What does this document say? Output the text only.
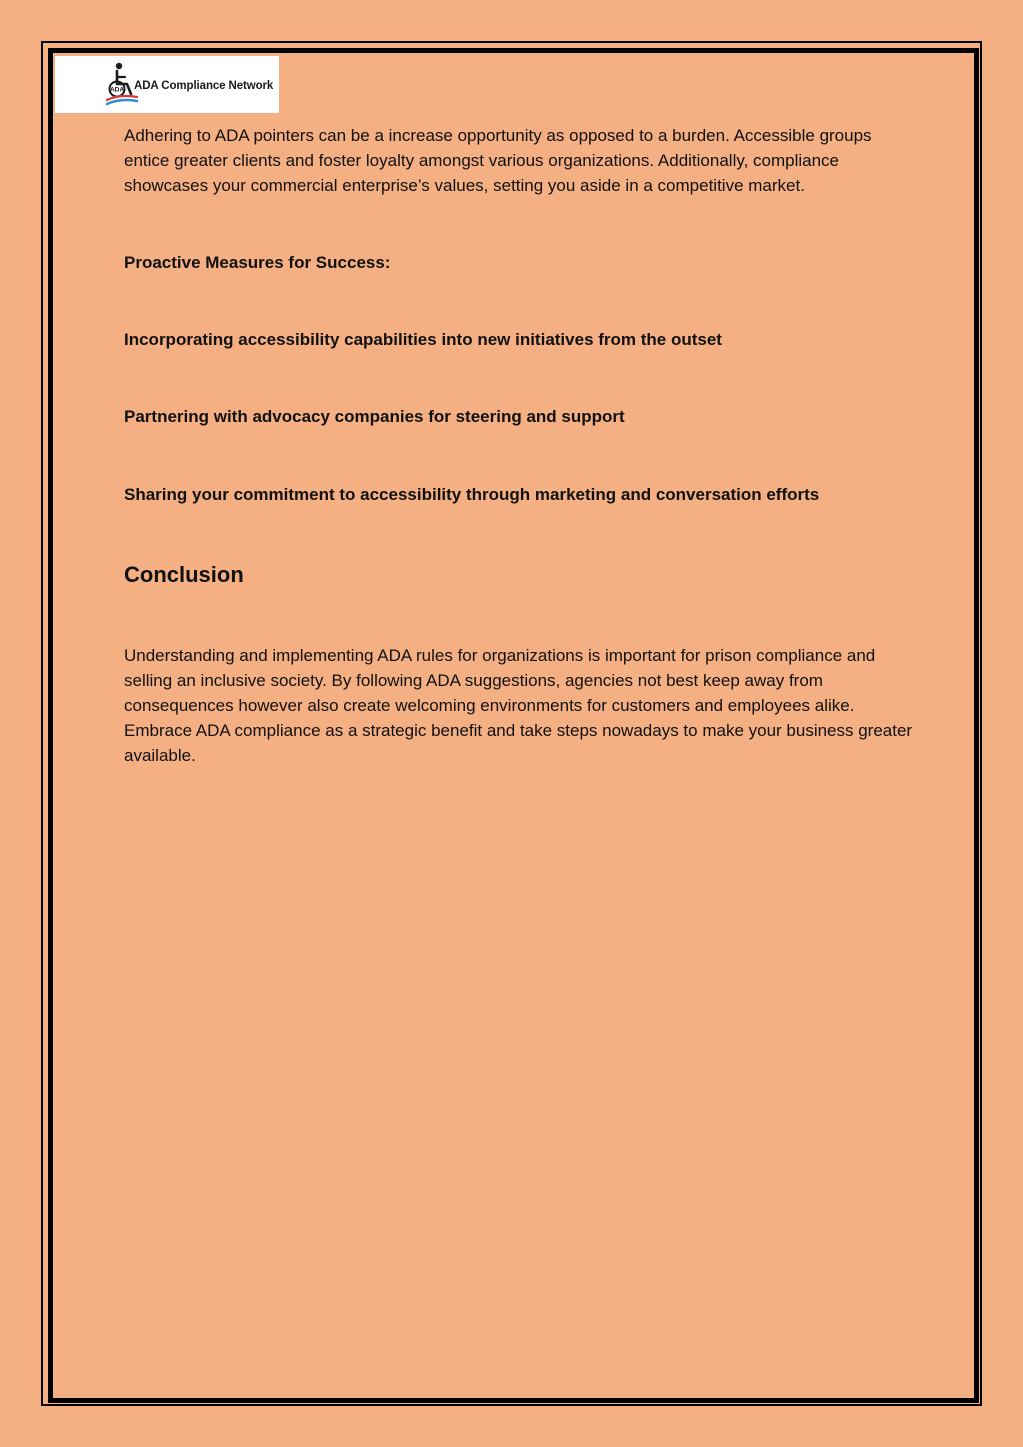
ADA ADA Compliance Network

Adhering to ADA pointers can be a increase opportunity as opposed to a burden. Accessible groups entice greater clients and foster loyalty amongst various organizations. Additionally, compliance showcases your commercial enterprise’s values, setting you aside in a competitive market.

Proactive Measures for Success:

Incorporating accessibility capabilities into new initiatives from the outset

Partnering with advocacy companies for steering and support

Sharing your commitment to accessibility through marketing and conversation efforts

Conclusion

Understanding and implementing ADA rules for organizations is important for prison compliance and selling an inclusive society. By following ADA suggestions, agencies not best keep away from consequences however also create welcoming environments for customers and employees alike. Embrace ADA compliance as a strategic benefit and take steps nowadays to make your business greater available.
